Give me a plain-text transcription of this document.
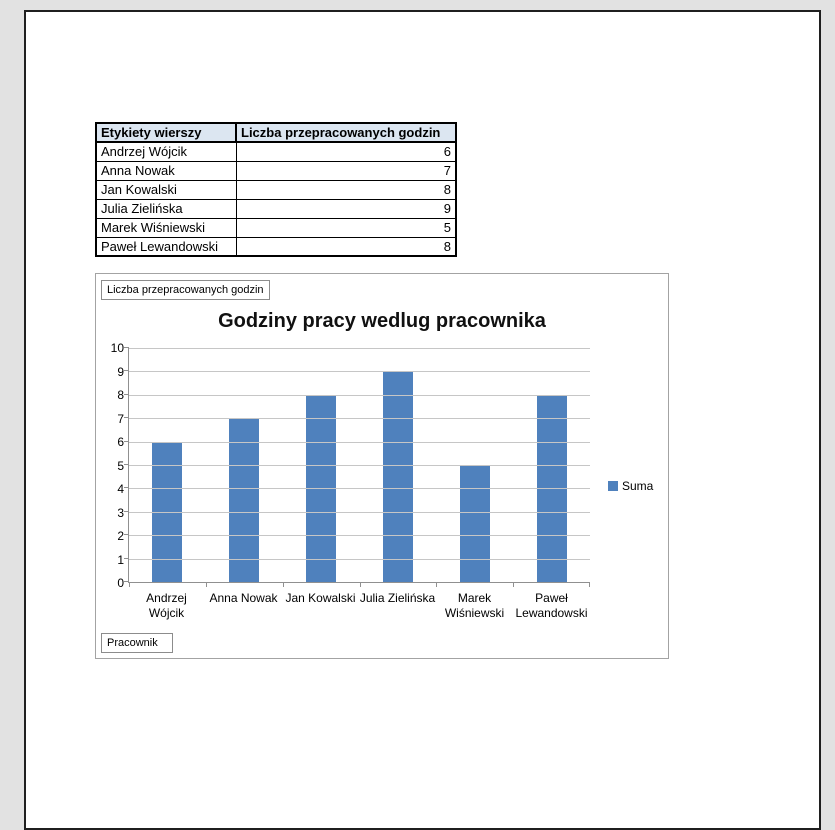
Etykiety wierszy	Liczba przepracowanych godzin
Andrzej Wójcik	6
Anna Nowak	7
Jan Kowalski	8
Julia Zielińska	9
Marek Wiśniewski	5
Paweł Lewandowski	8
Liczba przepracowanych godzin
Godziny pracy wedlug pracownika
10
9
8
7
6
5
4
3
2
1
0
Andrzej
Wójcik
Anna Nowak Jan Kowalski Julia Zielińska	Marek
Wiśniewski
Paweł
Lewandowski
Suma
Pracownik
